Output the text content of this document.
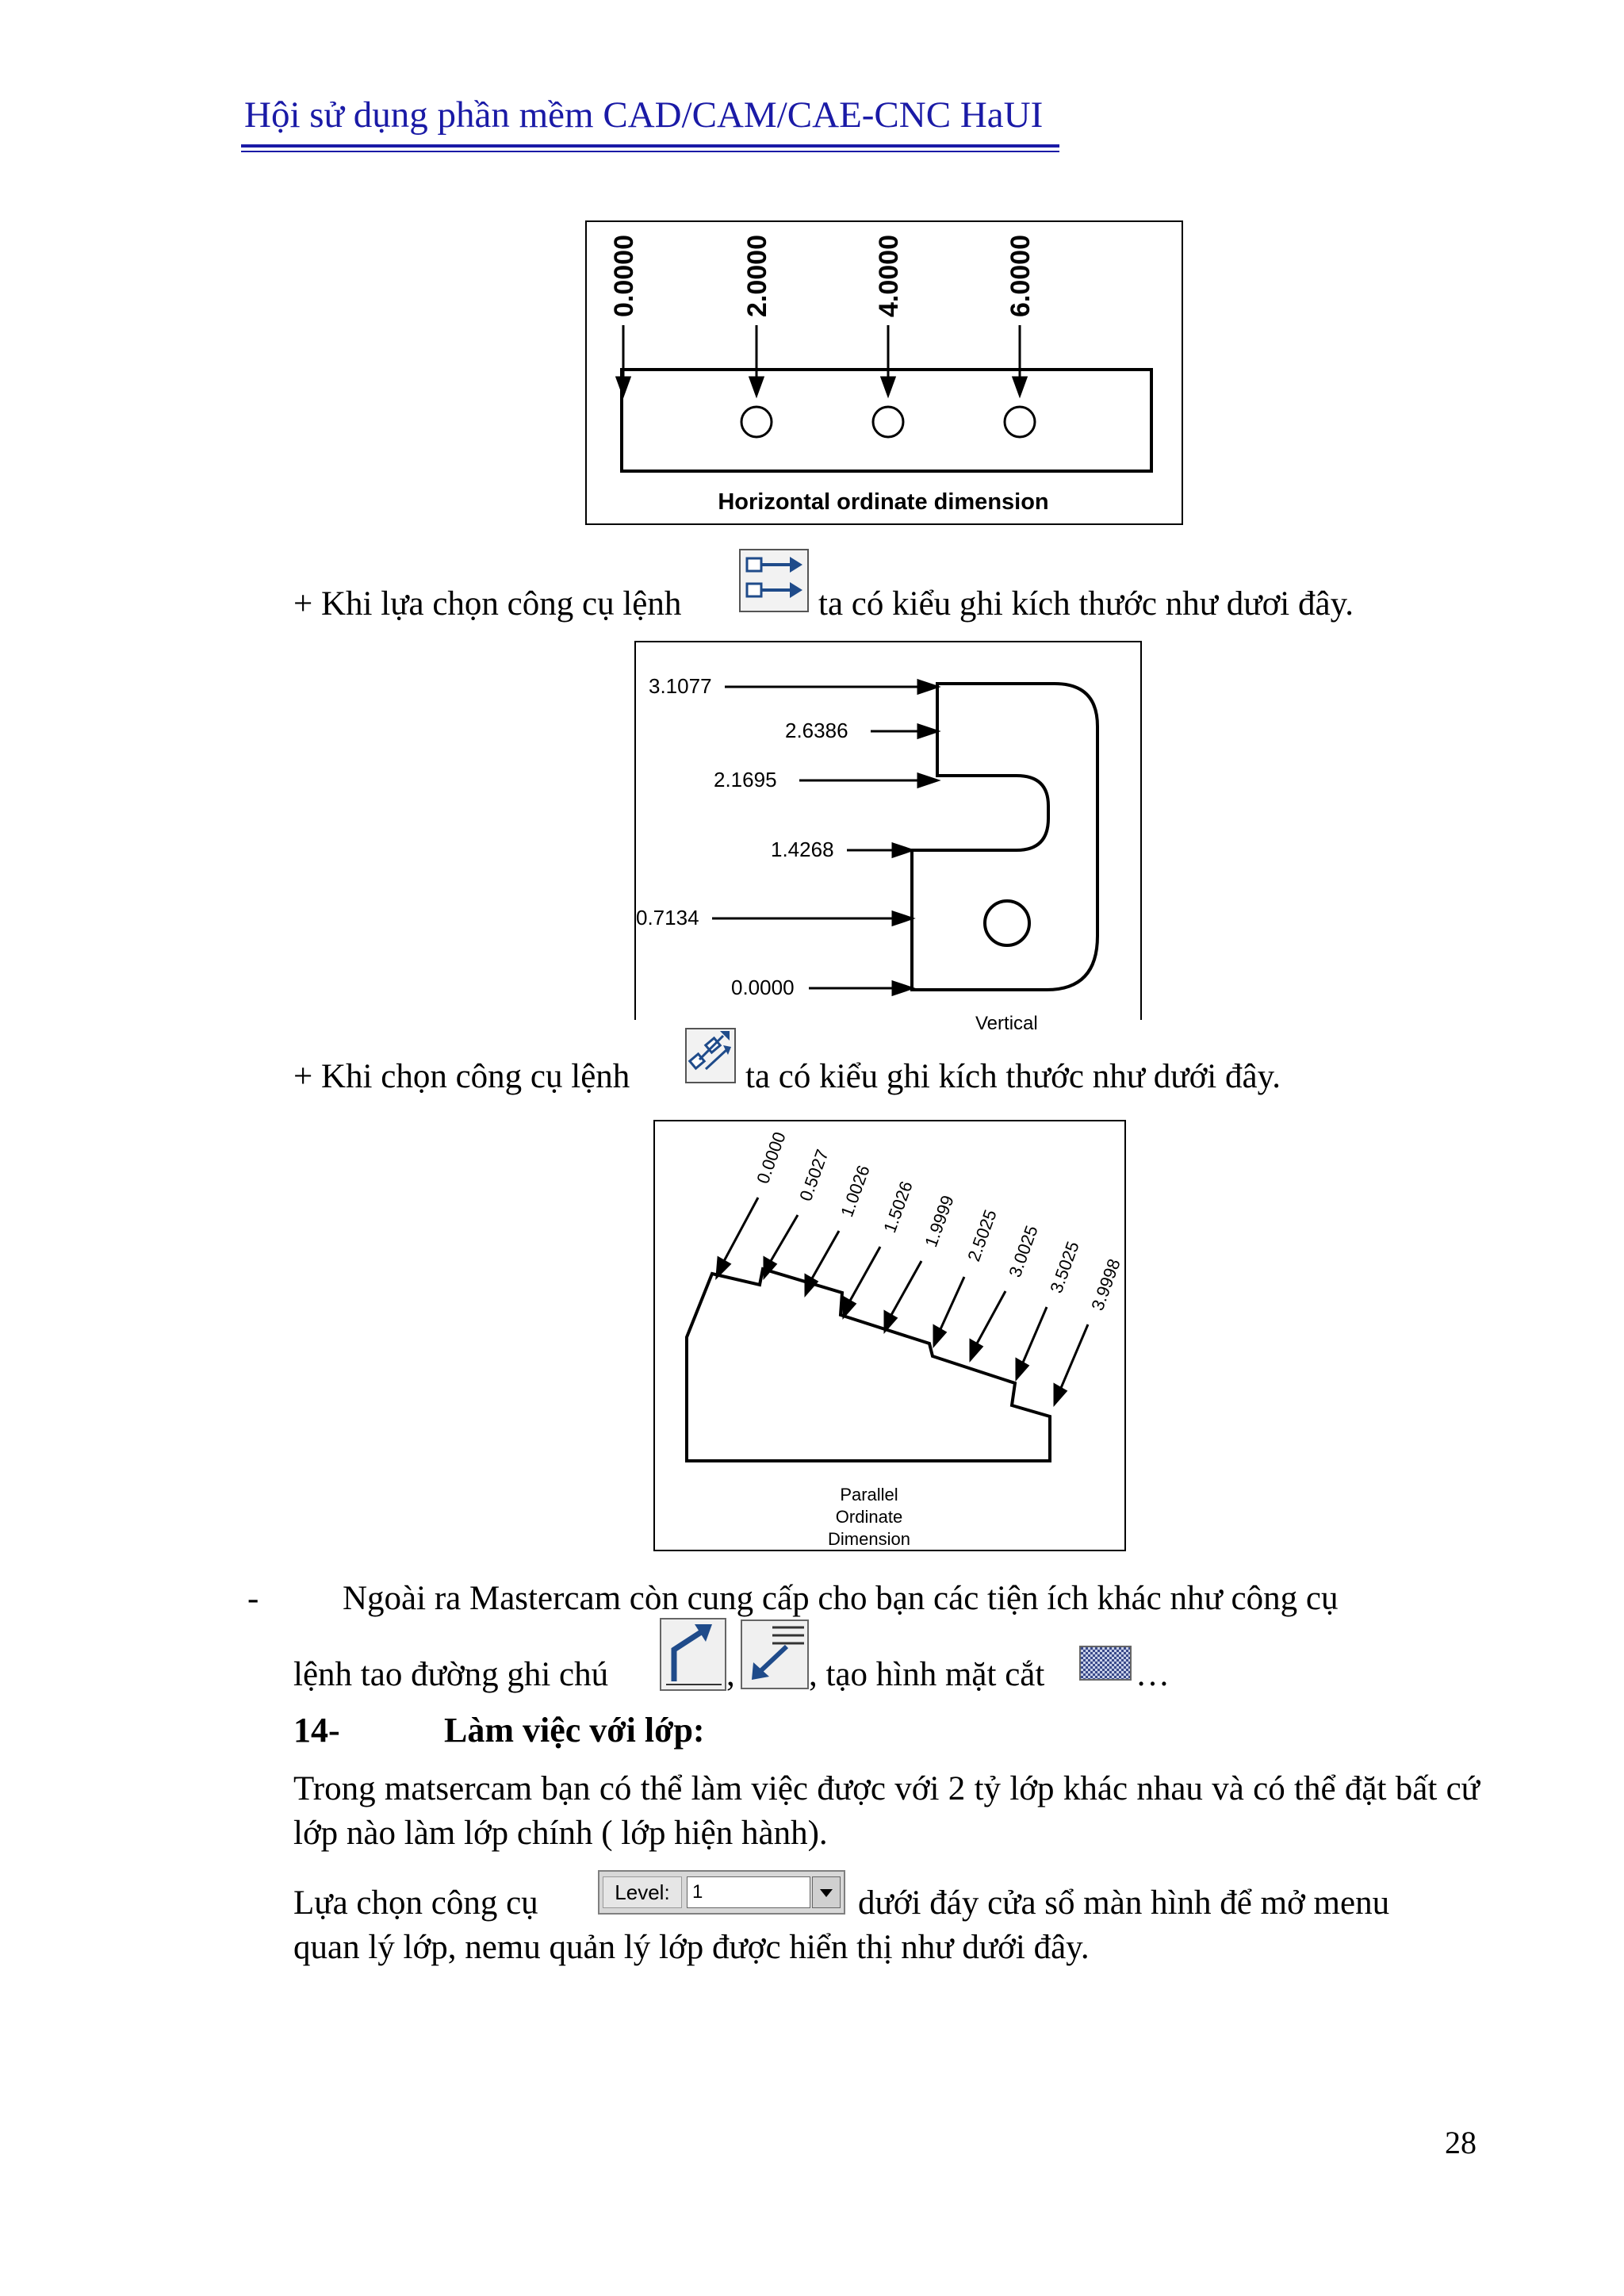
Hội sử dụng phần mềm CAD/CAM/CAE-CNC HaUI
0.0000	2.0000	4.0000	6.0000
Horizontal ordinate dimension
+ Khi lựa chọn công cụ lệnh	ta có kiểu ghi kích thước như dươi đây.
3.1077
2.6386
2.1695
1.4268
0.7134
0.0000
Vertical
+ Khi chọn công cụ lệnh	ta có kiểu ghi kích thước như dưới đây.
0.0000 0.5027 1.0026 1.5026 1.9999 2.5025 3.0025 3.5025 3.9998
Parallel
Ordinate
Dimension
- Ngoài ra Mastercam còn cung cấp cho bạn các tiện ích khác như công cụ
lệnh tao đường ghi chú	, , tạo hình mặt cắt	…
14-	Làm việc với lớp:
Trong matsercam bạn có thể làm việc được với 2 tỷ lớp khác nhau và có thể đặt bất cứ lớp nào làm lớp chính ( lớp hiện hành).
Lựa chọn công cụ	Level:	1	dưới đáy cửa sổ màn hình để mở menu
quan lý lớp, nemu quản lý lớp được hiển thị như dưới đây.
28
